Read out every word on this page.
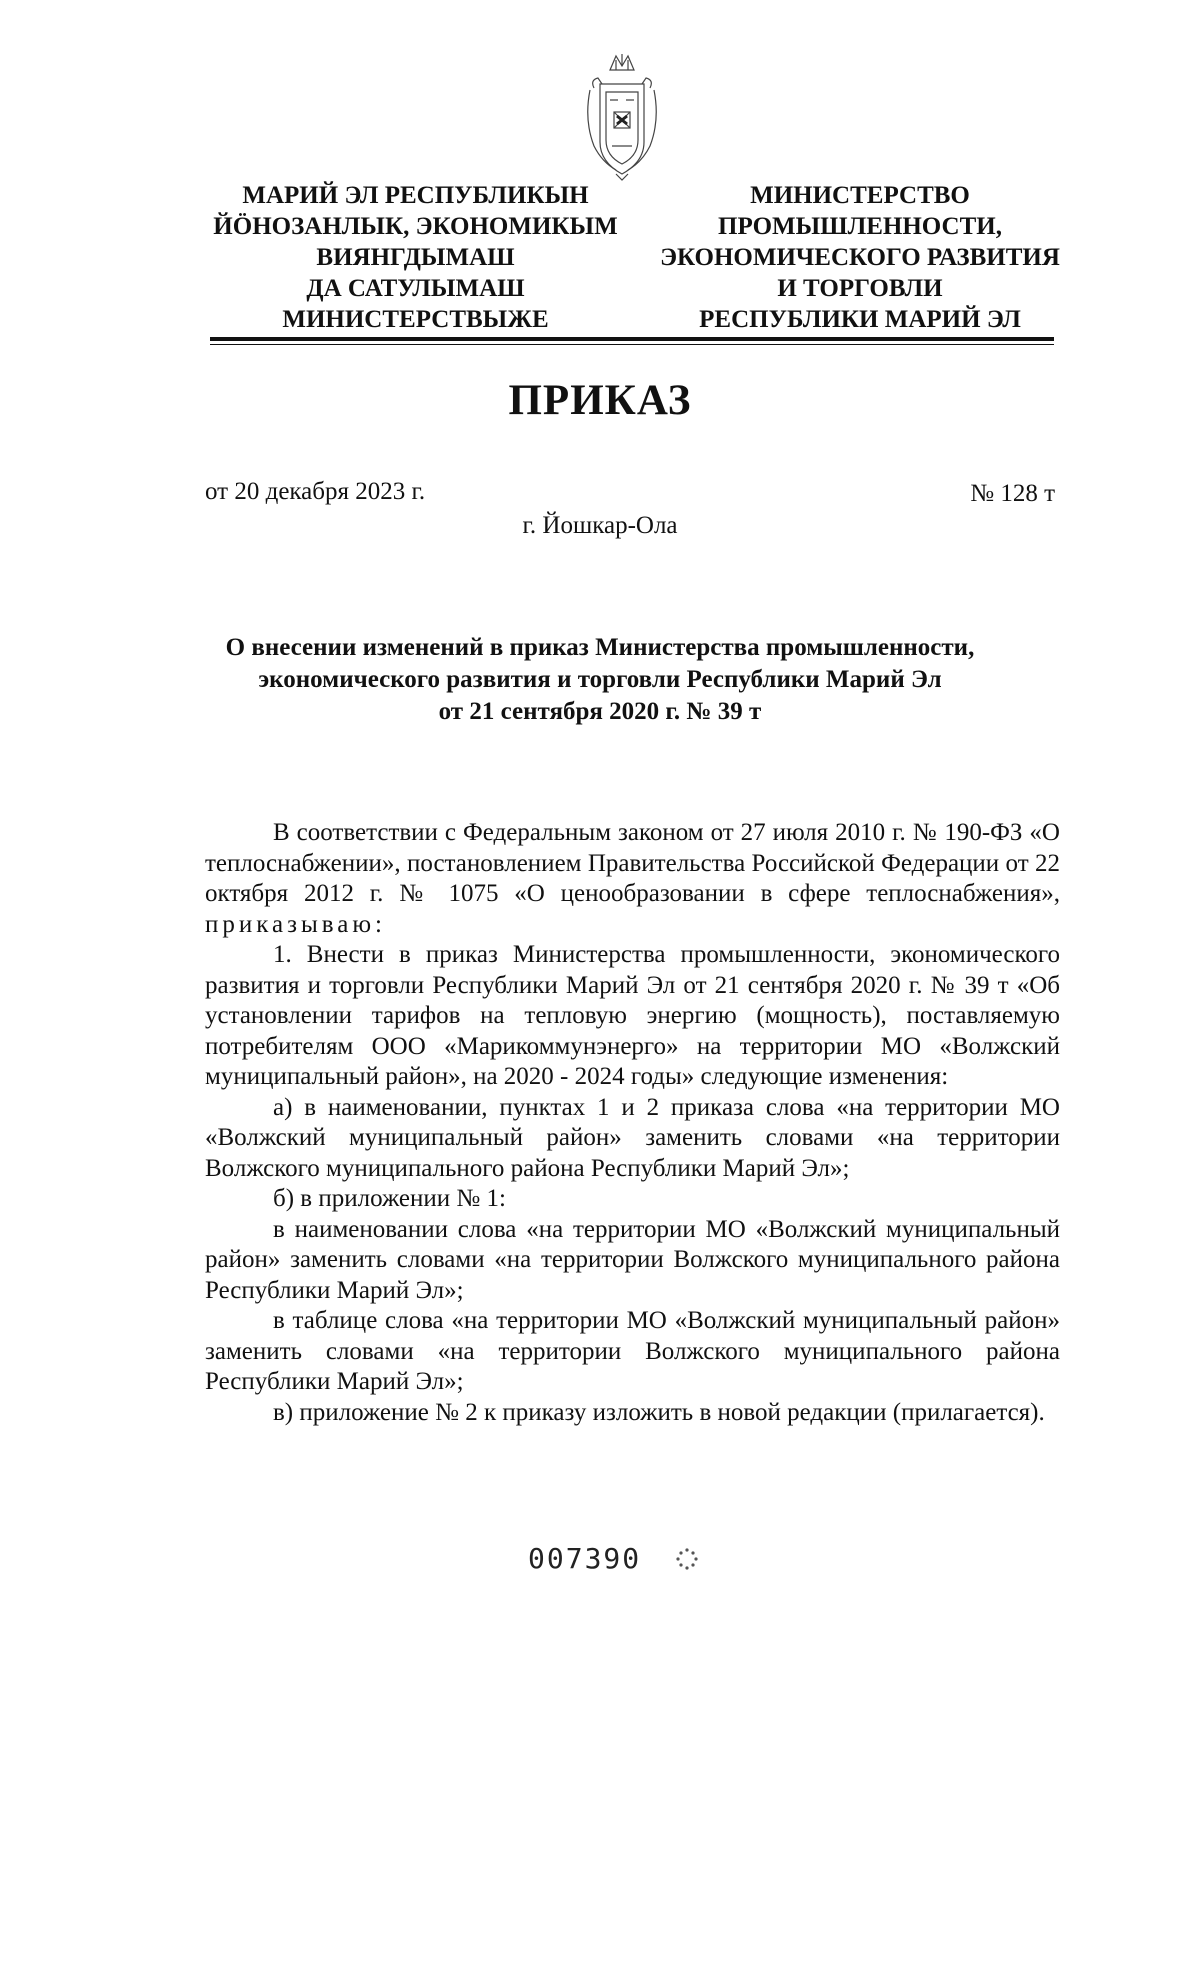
МАРИЙ ЭЛ РЕСПУБЛИКЫН
ЙӦНОЗАНЛЫК, ЭКОНОМИКЫМ
ВИЯНГДЫМАШ
ДА САТУЛЫМАШ
МИНИСТЕРСТВЫЖЕ
МИНИСТЕРСТВО
ПРОМЫШЛЕННОСТИ,
ЭКОНОМИЧЕСКОГО РАЗВИТИЯ
И ТОРГОВЛИ
РЕСПУБЛИКИ МАРИЙ ЭЛ
ПРИКАЗ
от 20 декабря 2023 г.	№ 128 т
г. Йошкар-Ола
О внесении изменений в приказ Министерства промышленности,
экономического развития и торговли Республики Марий Эл
от 21 сентября 2020 г. № 39 т

В соответствии с Федеральным законом от 27 июля 2010 г. № 190-ФЗ «О теплоснабжении», постановлением Правительства Российской Федерации от 22 октября 2012 г. № 1075 «О ценообразовании в сфере теплоснабжения», приказываю:

1. Внести в приказ Министерства промышленности, экономического развития и торговли Республики Марий Эл от 21 сентября 2020 г. № 39 т «Об установлении тарифов на тепловую энергию (мощность), поставляемую потребителям ООО «Марикоммунэнерго» на территории МО «Волжский муниципальный район», на 2020 - 2024 годы» следующие изменения:

а) в наименовании, пунктах 1 и 2 приказа слова «на территории МО «Волжский муниципальный район» заменить словами «на территории Волжского муниципального района Республики Марий Эл»;

б) в приложении № 1:

в наименовании слова «на территории МО «Волжский муниципальный район» заменить словами «на территории Волжского муниципального района Республики Марий Эл»;

в таблице слова «на территории МО «Волжский муниципальный район» заменить словами «на территории Волжского муниципального района Республики Марий Эл»;

в) приложение № 2 к приказу изложить в новой редакции (прилагается).

007390
